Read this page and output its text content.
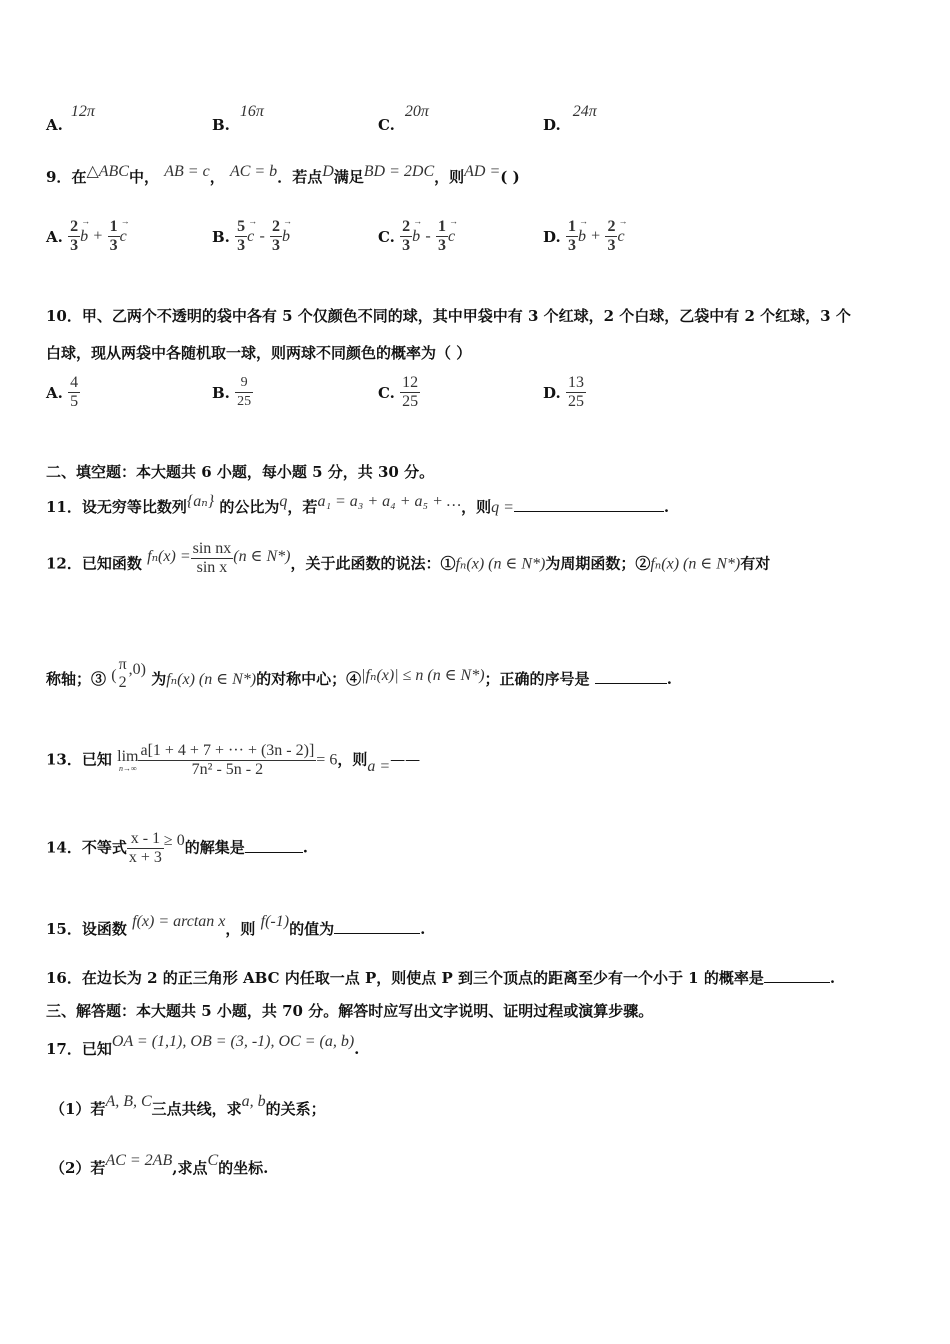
A.12π
B.16π
C.20π
D.24π
9．在△ABC中， AB = c， AC = b．若点D满足BD = 2DC，则AD =( )
A. $\frac{2}{3}$
→ $b + \frac{1}{3}$
→ c	B. $\frac{5}{3}$
→ c - $\frac{2}{3}$
→ b	C. $\frac{2}{3}$
→ b - $\frac{1}{3}$
→ c	D. $\frac{1}{3}$
→ $b + \frac{2}{3}$
→ c
10．甲、乙两个不透明的袋中各有 5 个仅颜色不同的球，其中甲袋中有 3 个红球，2 个白球，乙袋中有 2 个红球，3 个
白球，现从两袋中各随机取一球，则两球不同颜色的概率为（ ）
A. $\frac{4}{5}$	B. $\frac{9}{25}$	C. $\frac{12}{25}$	D. $\frac{13}{25}$
二、填空题：本大题共 6 小题，每小题 5 分，共 30 分。
11．设无穷等比数列{aₙ} 的公比为q，若a₁ = a₃ + a₄ + a₅ + …，则q =	.
12．已知函数 $f_n(x) = \frac{\text{sin nx}}{\text{sin x}} (n$ ∈ N*)，关于此函数的说法：①fₙ(x) (n ∈ N*)为周期函数；②fₙ(x) (n ∈ N*)有对
称轴；③ (
π
2
,0) 为fₙ(x) (n ∈ N*)的对称中心；④|fₙ(x)| ≤ n (n ∈ N*)；正确的序号是	.
13．已知 lim
$n\to\infty \frac{a[1 + 4 + 7 + \cdot\cdot\cdot + (3n - 2)]}{\text{7n² - 5n - 2}} = 6$，则a =——
14．不等式 $\frac{x - 1}{x + 3} \ge 0$的解集是	.
15．设函数 f(x) = arctan x，则 f(-1)的值为	.
16．在边长为 2 的正三角形 ABC 内任取一点 P，则使点 P 到三个顶点的距离至少有一个小于 1 的概率是	.
三、解答题：本大题共 5 小题，共 70 分。解答时应写出文字说明、证明过程或演算步骤。
17．已知OA = (1,1), OB = (3, -1), OC = (a, b).
（1）若A, B, C三点共线，求a, b的关系；
（2）若AC = 2AB,求点C的坐标.
